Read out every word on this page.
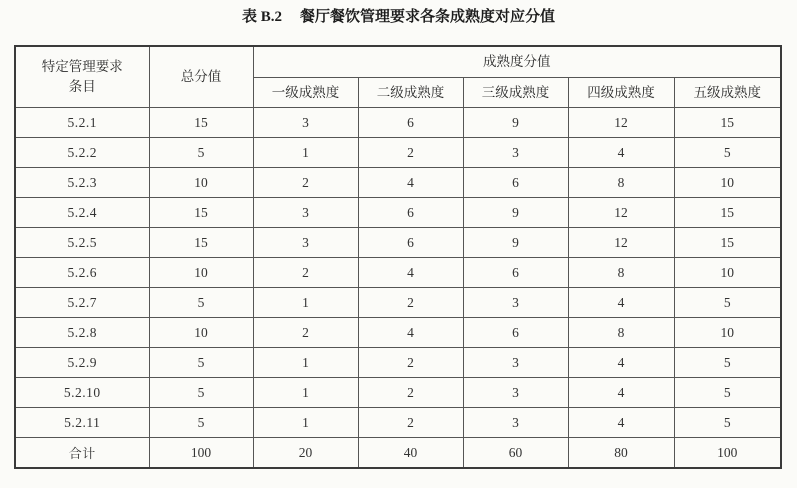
表 B.2 餐厅餐饮管理要求各条成熟度对应分值
特定管理要求条目	总分值	成熟度分值				
		一级成熟度	二级成熟度	三级成熟度	四级成熟度	五级成熟度
5.2.1	15	3	6	9	12	15
5.2.2	5	1	2	3	4	5
5.2.3	10	2	4	6	8	10
5.2.4	15	3	6	9	12	15
5.2.5	15	3	6	9	12	15
5.2.6	10	2	4	6	8	10
5.2.7	5	1	2	3	4	5
5.2.8	10	2	4	6	8	10
5.2.9	5	1	2	3	4	5
5.2.10	5	1	2	3	4	5
5.2.11	5	1	2	3	4	5
合计	100	20	40	60	80	100
